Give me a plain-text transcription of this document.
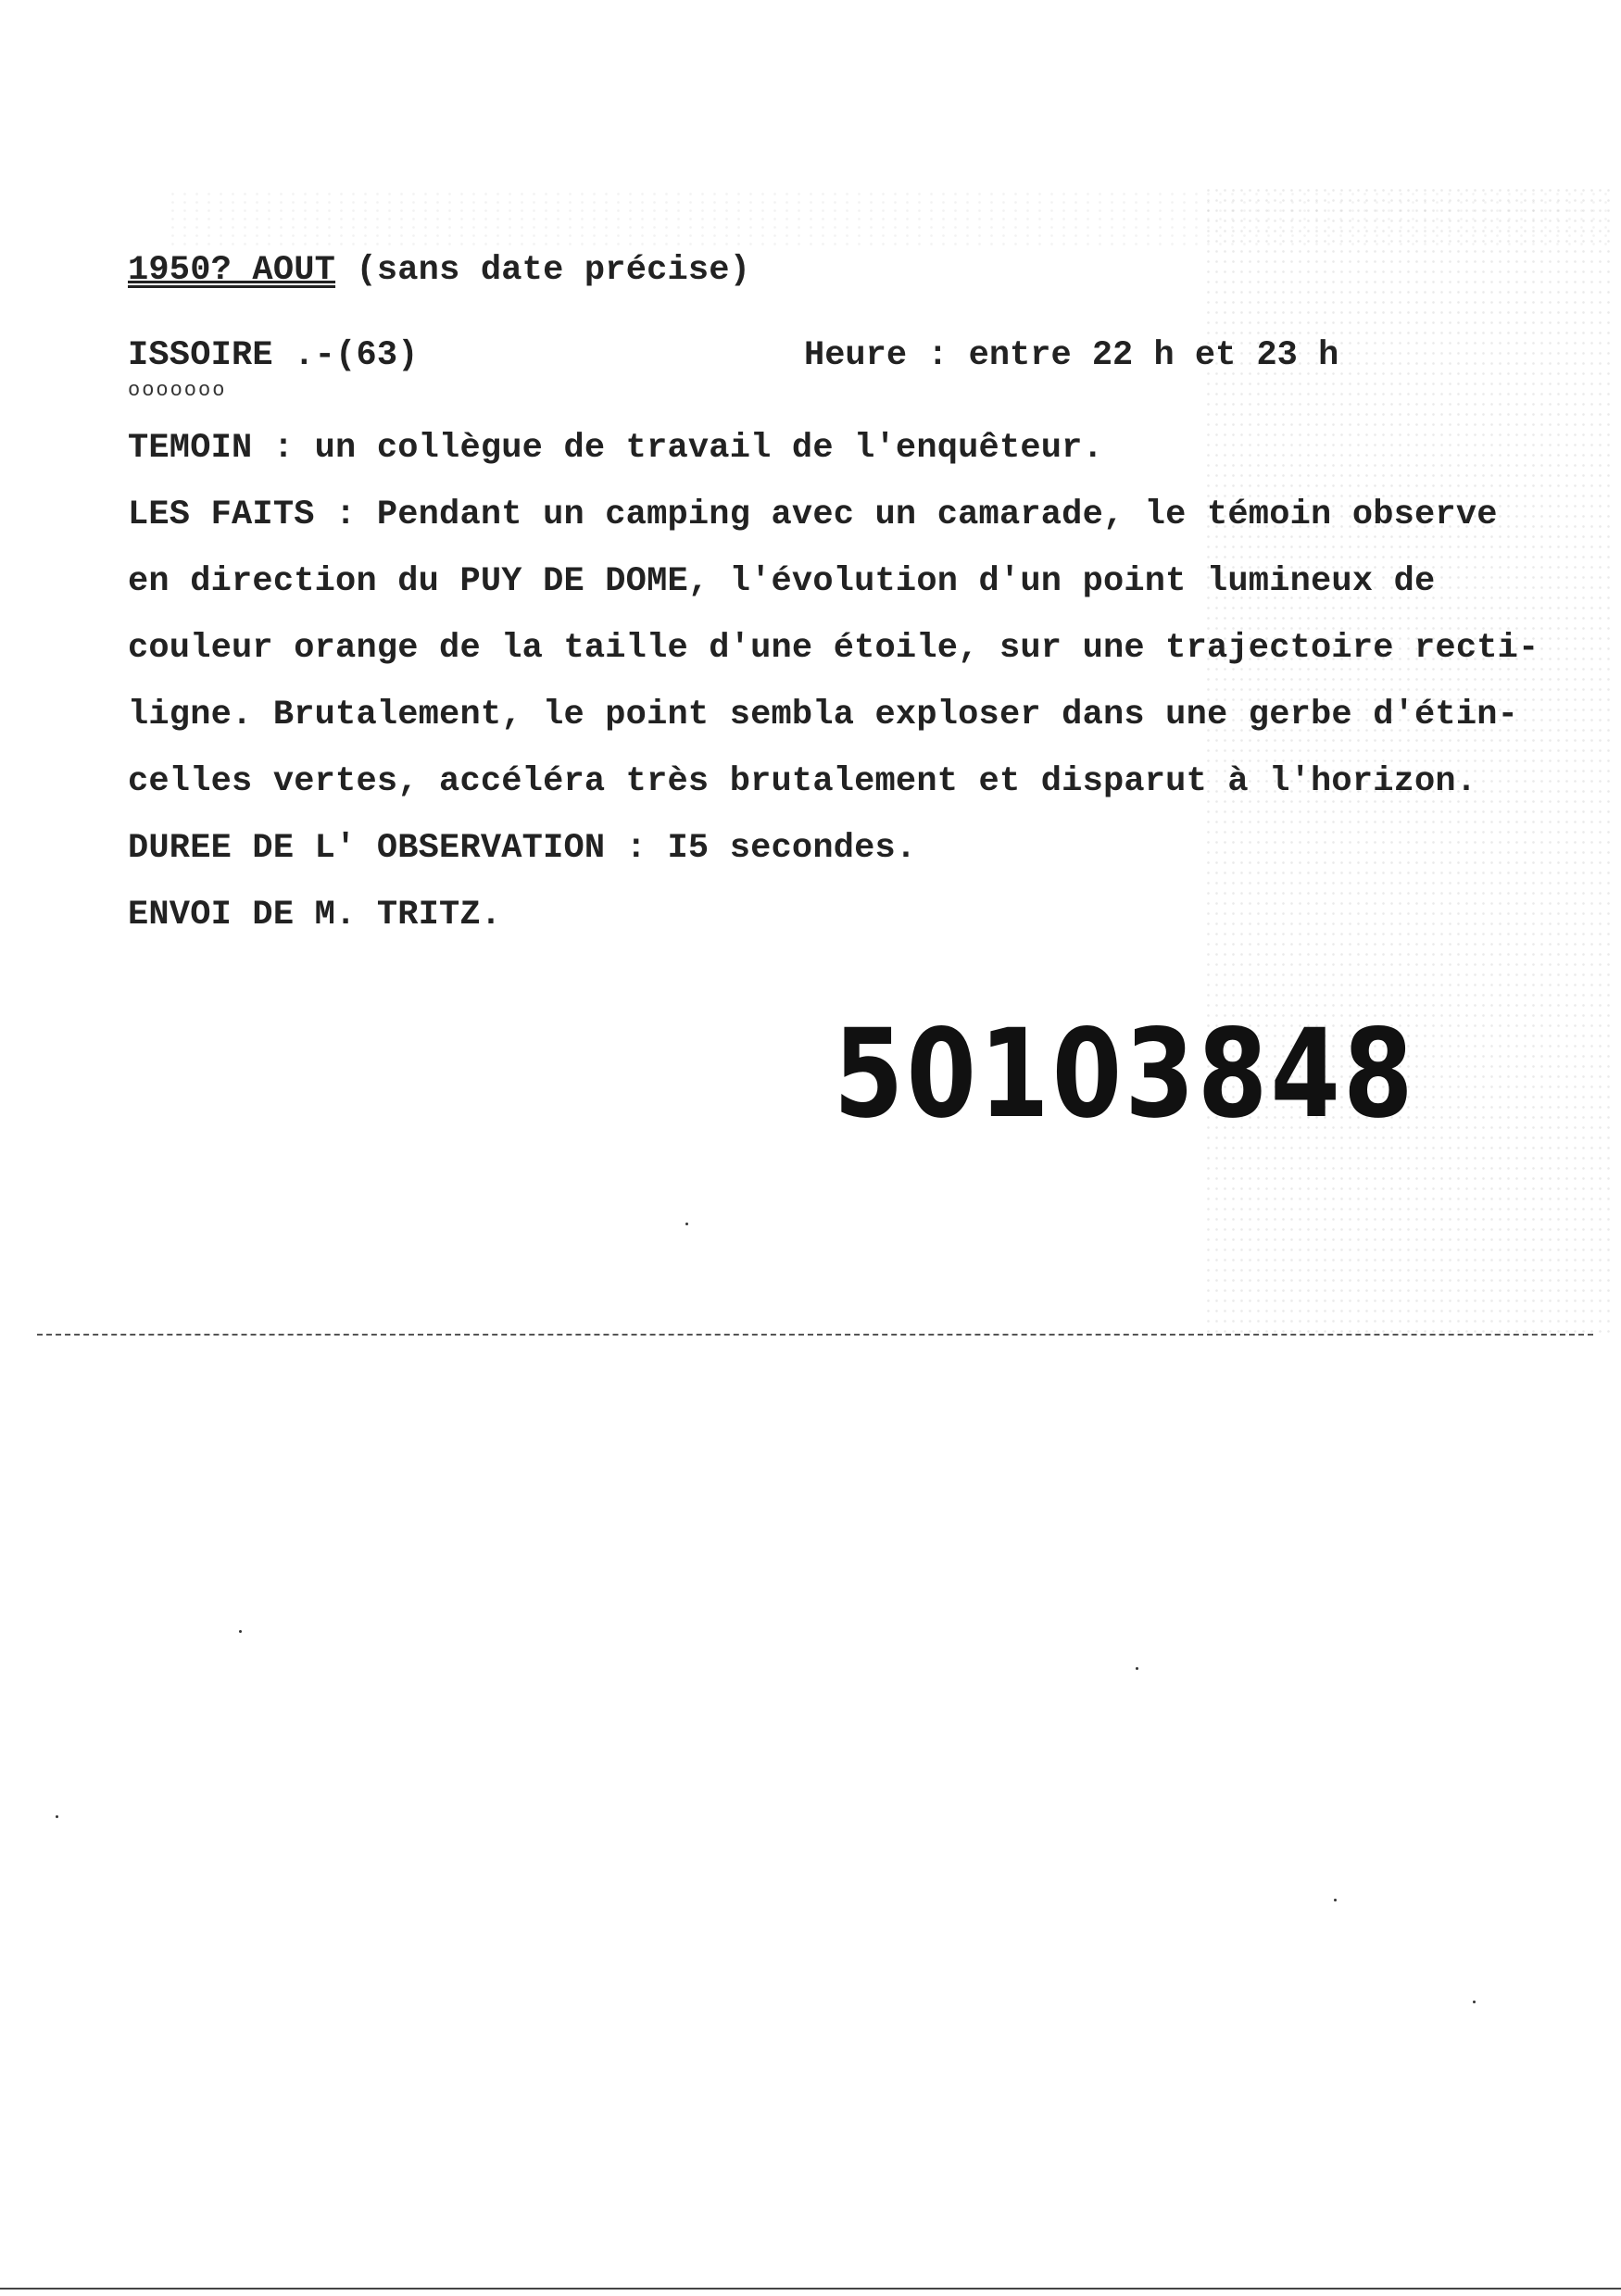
1950? AOUT (sans date précise)
ISSOIRE .-(63)
ooooooo
Heure : entre 22 h et 23 h
TEMOIN : un collègue de travail de l'enquêteur.
LES FAITS : Pendant un camping avec un camarade, le témoin observe
en direction du PUY DE DOME, l'évolution d'un point lumineux de
couleur orange de la taille d'une étoile, sur une trajectoire recti-
ligne. Brutalement, le point sembla exploser dans une gerbe d'étin-
celles vertes, accéléra très brutalement et disparut à l'horizon.
DUREE DE L' OBSERVATION : I5 secondes.
ENVOI DE M. TRITZ.
50103848
